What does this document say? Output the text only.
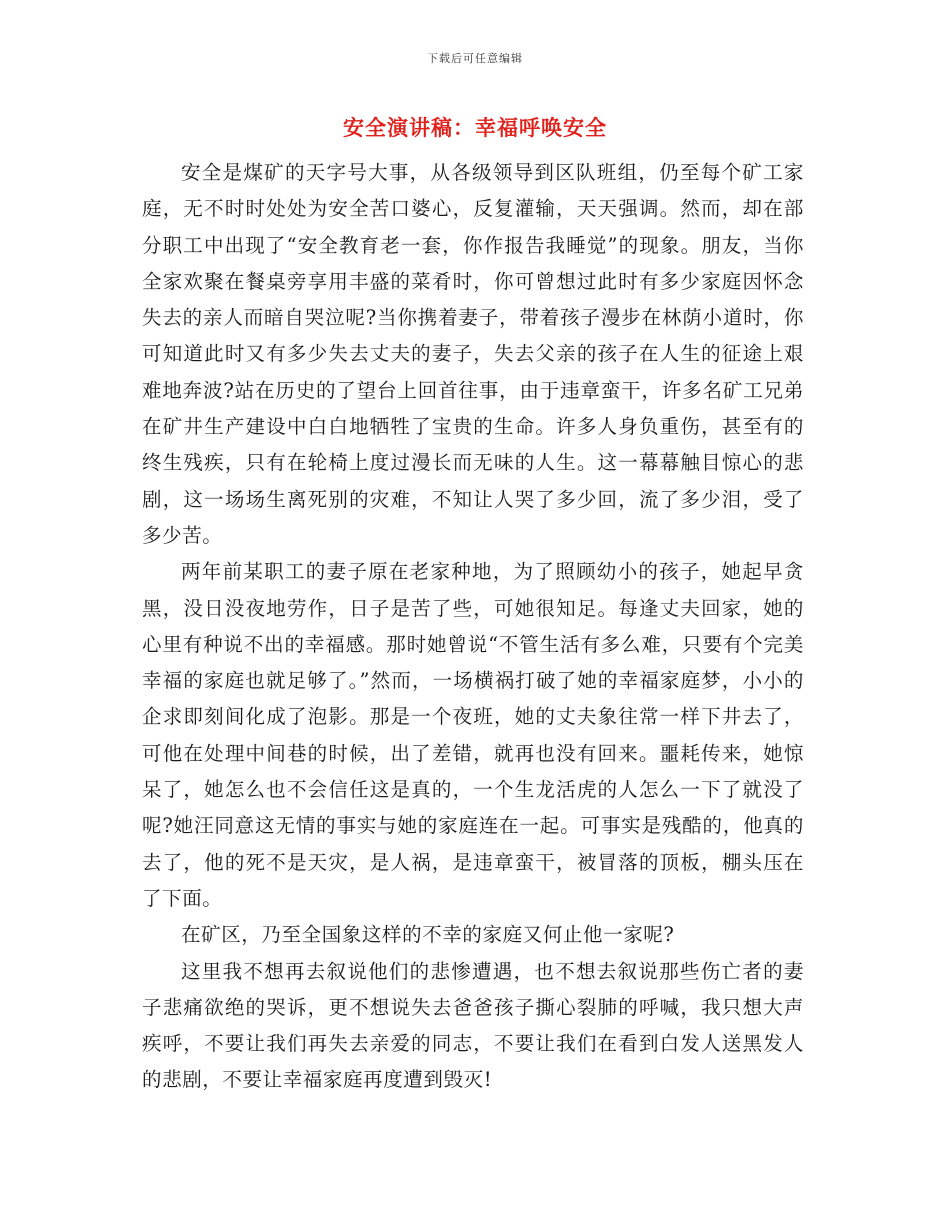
下载后可任意编辑
安全演讲稿：幸福呼唤安全

安全是煤矿的天字号大事，从各级领导到区队班组，仍至每个矿工家庭，无不时时处处为安全苦口婆心，反复灌输，天天强调。然而，却在部分职工中出现了“安全教育老一套，你作报告我睡觉”的现象。朋友，当你全家欢聚在餐桌旁享用丰盛的菜肴时，你可曾想过此时有多少家庭因怀念失去的亲人而暗自哭泣呢?当你携着妻子，带着孩子漫步在林荫小道时，你可知道此时又有多少失去丈夫的妻子，失去父亲的孩子在人生的征途上艰难地奔波?站在历史的了望台上回首往事，由于违章蛮干，许多名矿工兄弟在矿井生产建设中白白地牺牲了宝贵的生命。许多人身负重伤，甚至有的终生残疾，只有在轮椅上度过漫长而无味的人生。这一幕幕触目惊心的悲剧，这一场场生离死别的灾难，不知让人哭了多少回，流了多少泪，受了多少苦。

两年前某职工的妻子原在老家种地，为了照顾幼小的孩子，她起早贪黑，没日没夜地劳作，日子是苦了些，可她很知足。每逢丈夫回家，她的心里有种说不出的幸福感。那时她曾说“不管生活有多么难，只要有个完美幸福的家庭也就足够了。”然而，一场横祸打破了她的幸福家庭梦，小小的企求即刻间化成了泡影。那是一个夜班，她的丈夫象往常一样下井去了，可他在处理中间巷的时候，出了差错，就再也没有回来。噩耗传来，她惊呆了，她怎么也不会信任这是真的，一个生龙活虎的人怎么一下了就没了呢?她汪同意这无情的事实与她的家庭连在一起。可事实是残酷的，他真的去了，他的死不是天灾，是人祸，是违章蛮干，被冒落的顶板，棚头压在了下面。

在矿区，乃至全国象这样的不幸的家庭又何止他一家呢?

这里我不想再去叙说他们的悲惨遭遇，也不想去叙说那些伤亡者的妻子悲痛欲绝的哭诉，更不想说失去爸爸孩子撕心裂肺的呼喊，我只想大声疾呼，不要让我们再失去亲爱的同志，不要让我们在看到白发人送黑发人的悲剧，不要让幸福家庭再度遭到毁灭!
